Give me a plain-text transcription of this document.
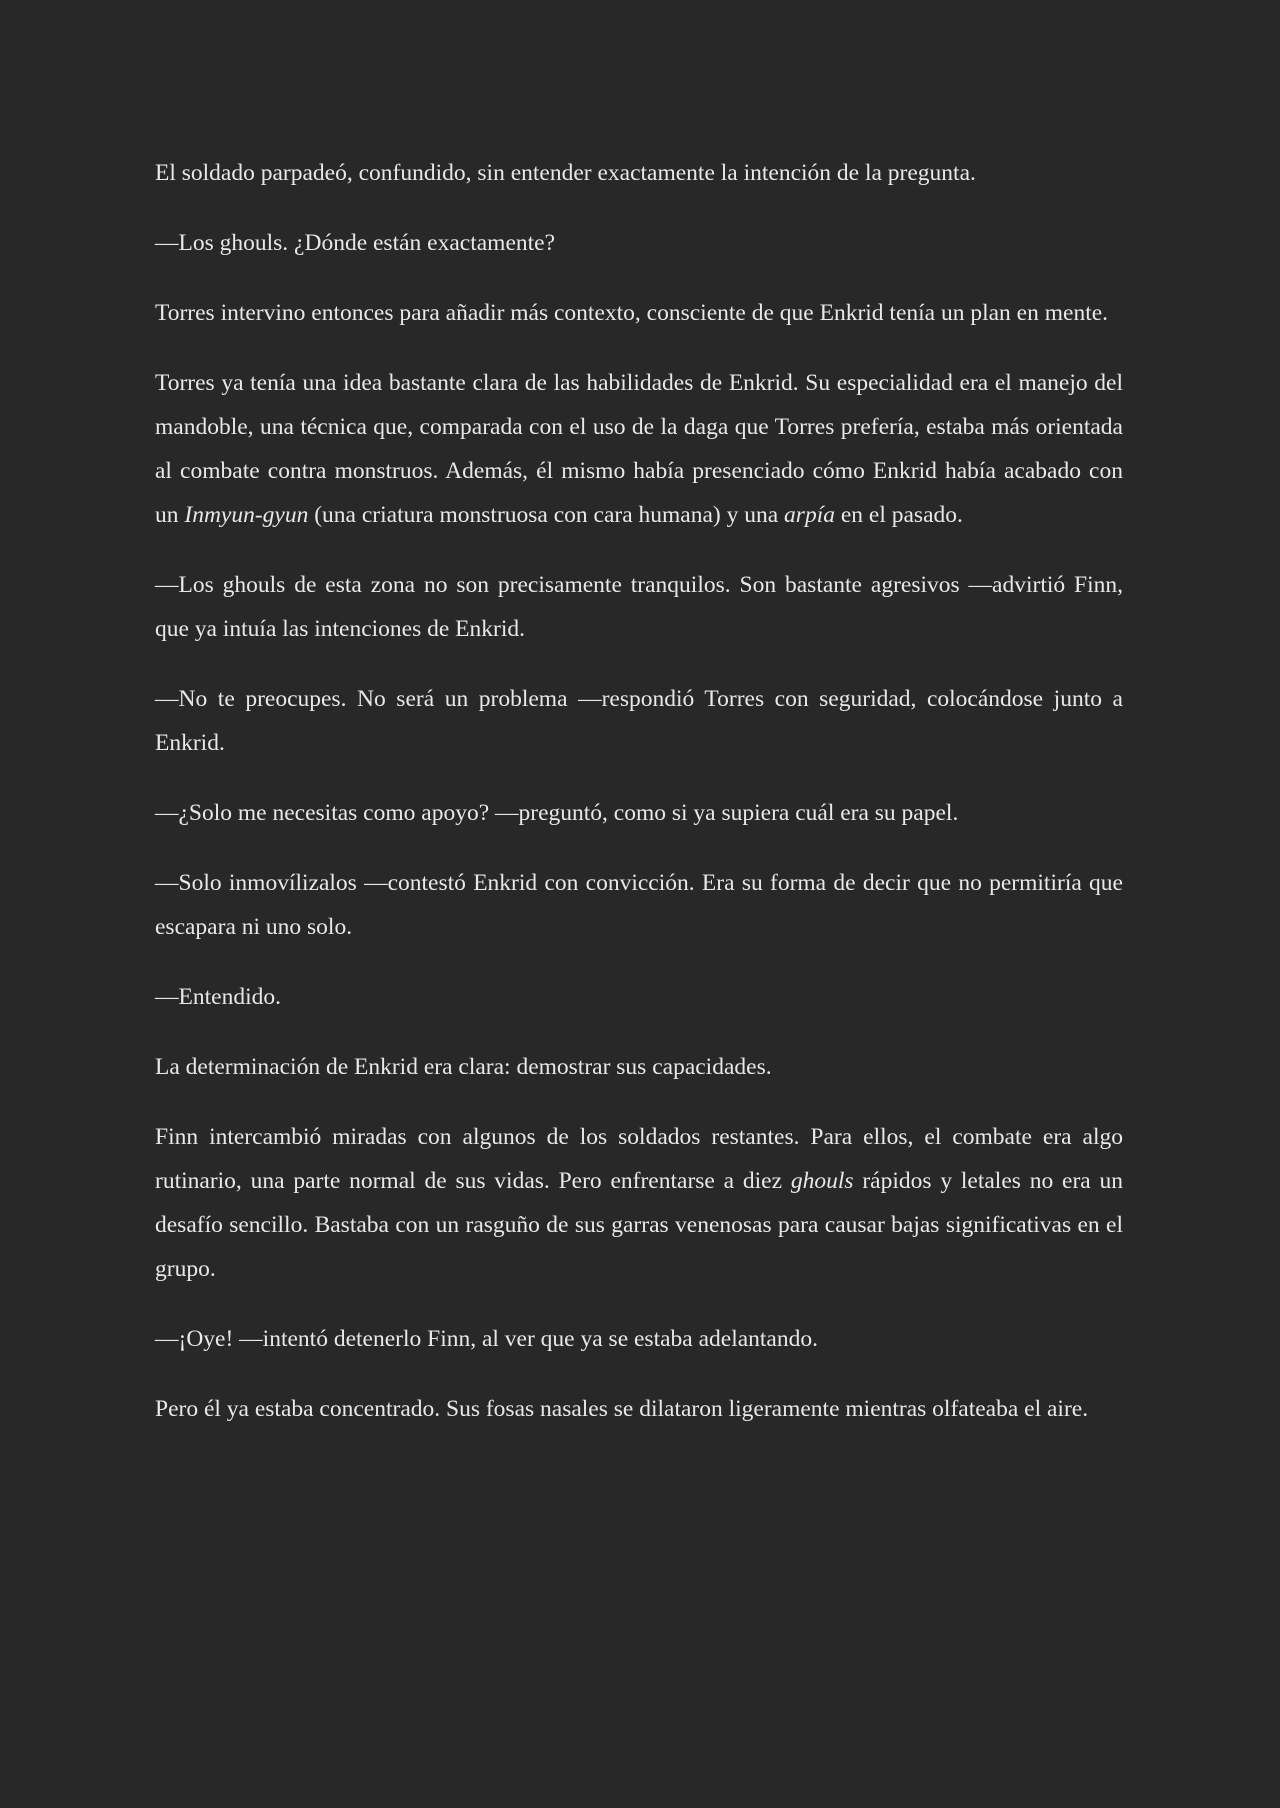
El soldado parpadeó, confundido, sin entender exactamente la intención de la pregunta.

—Los ghouls. ¿Dónde están exactamente?

Torres intervino entonces para añadir más contexto, consciente de que Enkrid tenía un plan en mente.

Torres ya tenía una idea bastante clara de las habilidades de Enkrid. Su especialidad era el manejo del mandoble, una técnica que, comparada con el uso de la daga que Torres prefería, estaba más orientada al combate contra monstruos. Además, él mismo había presenciado cómo Enkrid había acabado con un Inmyun-gyun (una criatura monstruosa con cara humana) y una arpía en el pasado.

—Los ghouls de esta zona no son precisamente tranquilos. Son bastante agresivos —advirtió Finn, que ya intuía las intenciones de Enkrid.

—No te preocupes. No será un problema —respondió Torres con seguridad, colocándose junto a Enkrid.

—¿Solo me necesitas como apoyo? —preguntó, como si ya supiera cuál era su papel.

—Solo inmovílizalos —contestó Enkrid con convicción. Era su forma de decir que no permitiría que escapara ni uno solo.

—Entendido.

La determinación de Enkrid era clara: demostrar sus capacidades.

Finn intercambió miradas con algunos de los soldados restantes. Para ellos, el combate era algo rutinario, una parte normal de sus vidas. Pero enfrentarse a diez ghouls rápidos y letales no era un desafío sencillo. Bastaba con un rasguño de sus garras venenosas para causar bajas significativas en el grupo.

—¡Oye! —intentó detenerlo Finn, al ver que ya se estaba adelantando.

Pero él ya estaba concentrado. Sus fosas nasales se dilataron ligeramente mientras olfateaba el aire.
